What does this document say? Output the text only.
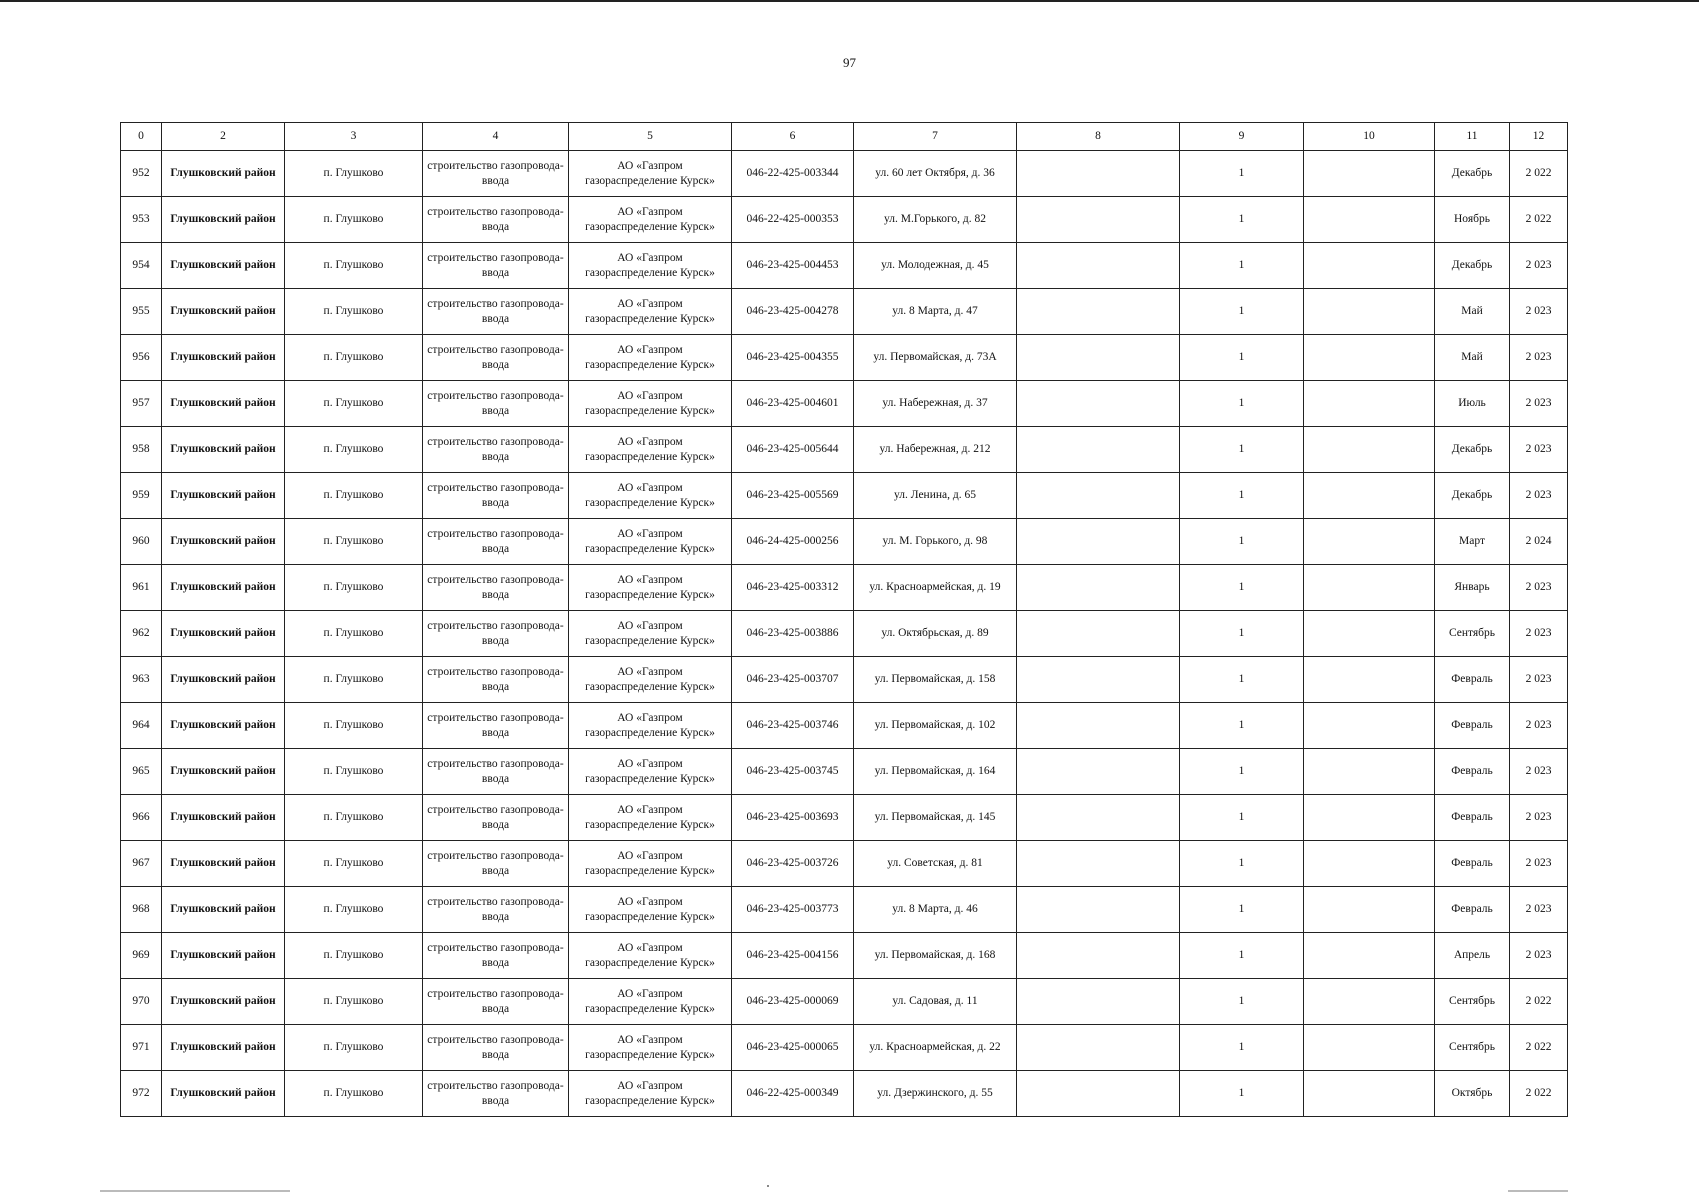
97
0	2	3	4	5	6	7	8	9	10	11	12
952	Глушковский район	п. Глушково	строительство газопровода-ввода	АО «Газпром газораспределение Курск»	046-22-425-003344	ул. 60 лет Октября, д. 36		1		Декабрь	2 022
953	Глушковский район	п. Глушково	строительство газопровода-ввода	АО «Газпром газораспределение Курск»	046-22-425-000353	ул. М.Горького, д. 82		1		Ноябрь	2 022
954	Глушковский район	п. Глушково	строительство газопровода-ввода	АО «Газпром газораспределение Курск»	046-23-425-004453	ул. Молодежная, д. 45		1		Декабрь	2 023
955	Глушковский район	п. Глушково	строительство газопровода-ввода	АО «Газпром газораспределение Курск»	046-23-425-004278	ул. 8 Марта, д. 47		1		Май	2 023
956	Глушковский район	п. Глушково	строительство газопровода-ввода	АО «Газпром газораспределение Курск»	046-23-425-004355	ул. Первомайская, д. 73А		1		Май	2 023
957	Глушковский район	п. Глушково	строительство газопровода-ввода	АО «Газпром газораспределение Курск»	046-23-425-004601	ул. Набережная, д. 37		1		Июль	2 023
958	Глушковский район	п. Глушково	строительство газопровода-ввода	АО «Газпром газораспределение Курск»	046-23-425-005644	ул. Набережная, д. 212		1		Декабрь	2 023
959	Глушковский район	п. Глушково	строительство газопровода-ввода	АО «Газпром газораспределение Курск»	046-23-425-005569	ул. Ленина, д. 65		1		Декабрь	2 023
960	Глушковский район	п. Глушково	строительство газопровода-ввода	АО «Газпром газораспределение Курск»	046-24-425-000256	ул. М. Горького, д. 98		1		Март	2 024
961	Глушковский район	п. Глушково	строительство газопровода-ввода	АО «Газпром газораспределение Курск»	046-23-425-003312	ул. Красноармейская, д. 19		1		Январь	2 023
962	Глушковский район	п. Глушково	строительство газопровода-ввода	АО «Газпром газораспределение Курск»	046-23-425-003886	ул. Октябрьская, д. 89		1		Сентябрь	2 023
963	Глушковский район	п. Глушково	строительство газопровода-ввода	АО «Газпром газораспределение Курск»	046-23-425-003707	ул. Первомайская, д. 158		1		Февраль	2 023
964	Глушковский район	п. Глушково	строительство газопровода-ввода	АО «Газпром газораспределение Курск»	046-23-425-003746	ул. Первомайская, д. 102		1		Февраль	2 023
965	Глушковский район	п. Глушково	строительство газопровода-ввода	АО «Газпром газораспределение Курск»	046-23-425-003745	ул. Первомайская, д. 164		1		Февраль	2 023
966	Глушковский район	п. Глушково	строительство газопровода-ввода	АО «Газпром газораспределение Курск»	046-23-425-003693	ул. Первомайская, д. 145		1		Февраль	2 023
967	Глушковский район	п. Глушково	строительство газопровода-ввода	АО «Газпром газораспределение Курск»	046-23-425-003726	ул. Советская, д. 81		1		Февраль	2 023
968	Глушковский район	п. Глушково	строительство газопровода-ввода	АО «Газпром газораспределение Курск»	046-23-425-003773	ул. 8 Марта, д. 46		1		Февраль	2 023
969	Глушковский район	п. Глушково	строительство газопровода-ввода	АО «Газпром газораспределение Курск»	046-23-425-004156	ул. Первомайская, д. 168		1		Апрель	2 023
970	Глушковский район	п. Глушково	строительство газопровода-ввода	АО «Газпром газораспределение Курск»	046-23-425-000069	ул. Садовая, д. 11		1		Сентябрь	2 022
971	Глушковский район	п. Глушково	строительство газопровода-ввода	АО «Газпром газораспределение Курск»	046-23-425-000065	ул. Красноармейская, д. 22		1		Сентябрь	2 022
972	Глушковский район	п. Глушково	строительство газопровода-ввода	АО «Газпром газораспределение Курск»	046-22-425-000349	ул. Дзержинского, д. 55		1		Октябрь	2 022
